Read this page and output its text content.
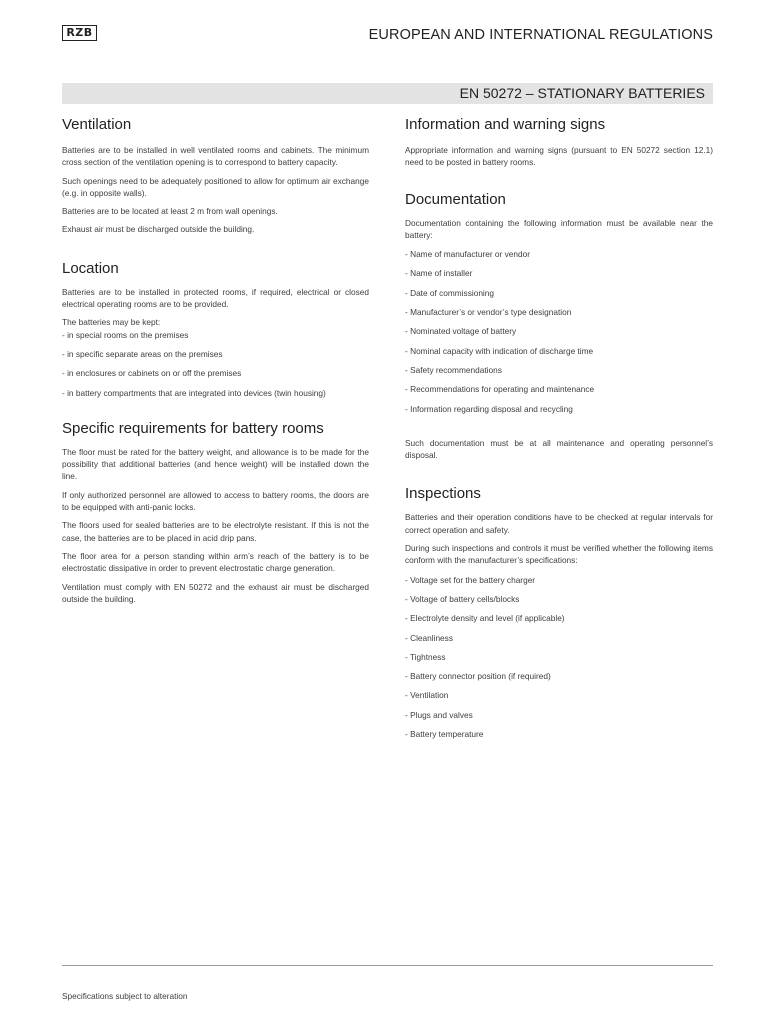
RZB	EUROPEAN AND INTERNATIONAL REGULATIONS
EN 50272 – STATIONARY BATTERIES
Ventilation

Batteries are to be installed in well ventilated rooms and cabinets. The minimum cross section of the ventilation opening is to correspond to battery capacity.

Such openings need to be adequately positioned to allow for optimum air exchange (e.g. in opposite walls).

Batteries are to be located at least 2 m from wall openings.

Exhaust air must be discharged outside the building.

Location

Batteries are to be installed in protected rooms, if required, electrical or closed electrical operating rooms are to be provided.

The batteries may be kept:

- in special rooms on the premises
- in specific separate areas on the premises
- in enclosures or cabinets on or off the premises
- in battery compartments that are integrated into devices (twin housing)
Specific requirements for battery rooms

The floor must be rated for the battery weight, and allowance is to be made for the possibility that additional batteries (and hence weight) will be installed down the line.

If only authorized personnel are allowed to access to battery rooms, the doors are to be equipped with anti-panic locks.

The floors used for sealed batteries are to be electrolyte resistant. If this is not the case, the batteries are to be placed in acid drip pans.

The floor area for a person standing within arm’s reach of the battery is to be electrostatic dissipative in order to prevent electrostatic charge generation.

Ventilation must comply with EN 50272 and the exhaust air must be discharged outside the building.

Information and warning signs

Appropriate information and warning signs (pursuant to EN 50272 section 12.1) need to be posted in battery rooms.

Documentation

Documentation containing the following information must be available near the battery:

- Name of manufacturer or vendor
- Name of installer
- Date of commissioning
- Manufacturer’s or vendor’s type designation
- Nominated voltage of battery
- Nominal capacity with indication of discharge time
- Safety recommendations
- Recommendations for operating and maintenance
- Information regarding disposal and recycling

Such documentation must be at all maintenance and operating personnel’s disposal.

Inspections

Batteries and their operation conditions have to be checked at regular intervals for correct operation and safety.

During such inspections and controls it must be verified whether the following items conform with the manufacturer’s specifications:

- Voltage set for the battery charger
- Voltage of battery cells/blocks
- Electrolyte density and level (if applicable)
- Cleanliness
- Tightness
- Battery connector position (if required)
- Ventilation
- Plugs and valves
- Battery temperature
Specifications subject to alteration
